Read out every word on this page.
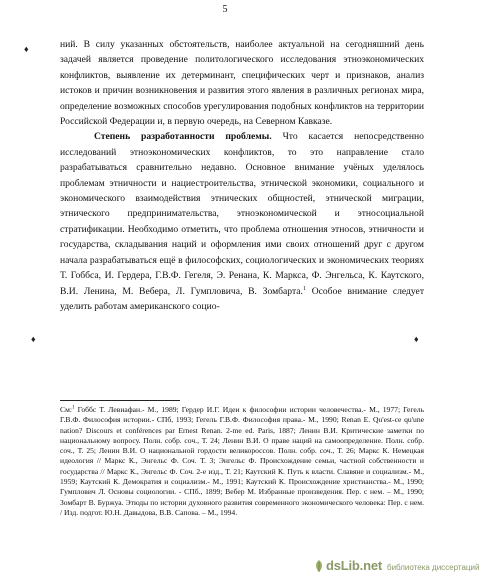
5
♦
♦	♦

ний. В силу указанных обстоятельств, наиболее актуальной на сегодняшний день задачей является проведение политологического исследования этноэкономических конфликтов, выявление их детерминант, специфических черт и признаков, анализ истоков и причин возникновения и развития этого явления в различных регионах мира, определение возможных способов урегулирования подобных конфликтов на территории Российской Федерации и, в первую очередь, на Северном Кавказе.

Степень разработанности проблемы. Что касается непосредственно исследований этноэкономических конфликтов, то это направление стало разрабатываться сравнительно недавно. Основное внимание учёных уделялось проблемам этничности и нациестроительства, этнической экономики, социального и экономического взаимодействия этнических общностей, этнической миграции, этнического предпринимательства, этноэкономической и этносоциальной стратификации. Необходимо отметить, что проблема отношения этносов, этничности и государства, складывания наций и оформления ими своих отношений друг с другом начала разрабатываться ещё в философских, социологических и экономических теориях Т. Гоббса, И. Гердера, Г.В.Ф. Гегеля, Э. Ренана, К. Маркса, Ф. Энгельса, К. Каутского, В.И. Ленина, М. Вебера, Л. Гумпловича, В. Зомбарта.$^1$ Особое внимание следует уделить работам американского социо-

См:$^1$ Гоббс Т. Левиафан.- М., 1989; Гердер И.Г. Идеи к философии истории человечества.- М., 1977; Гегель Г.В.Ф. Философия истории.- СПб, 1993; Гегель Г.В.Ф. Философия права.- М., 1990; Renan E. Qu'est-ce qu'une nation? Discours et conférences par Ernest Renan. 2-me ed. Paris, 1887; Ленин В.И. Критические заметки по национальному вопросу. Полн. собр. соч., Т. 24; Ленин В.И. О праве наций на самоопределение. Полн. собр. соч., Т. 25; Ленин В.И. О национальной гордости великороссов. Полн. собр. соч., Т. 26; Маркс К. Немецкая идеология // Маркс К., Энгельс Ф. Соч. Т. 3; Энгельс Ф. Происхождение семьи, частной собственности и государства // Маркс К., Энгельс Ф. Соч. 2-е изд., Т. 21; Каутский К. Путь к власти. Славяне и социализм.- М., 1959; Каутский К. Демократия и социализм.- М., 1991; Каутский К. Происхождение христианства.- М., 1990; Гумплович Л. Основы социологии. - СПб., 1899; Вебер М. Избранные произведения. Пер. с нем. – М., 1990; Зомбарт В. Буржуа. Этюды по истории духовного развития современного экономического человека: Пер. с нем. / Изд. подгот. Ю.Н. Давыдова, В.В. Сапова. – М., 1994.
dsLib.net библиотека диссертаций
